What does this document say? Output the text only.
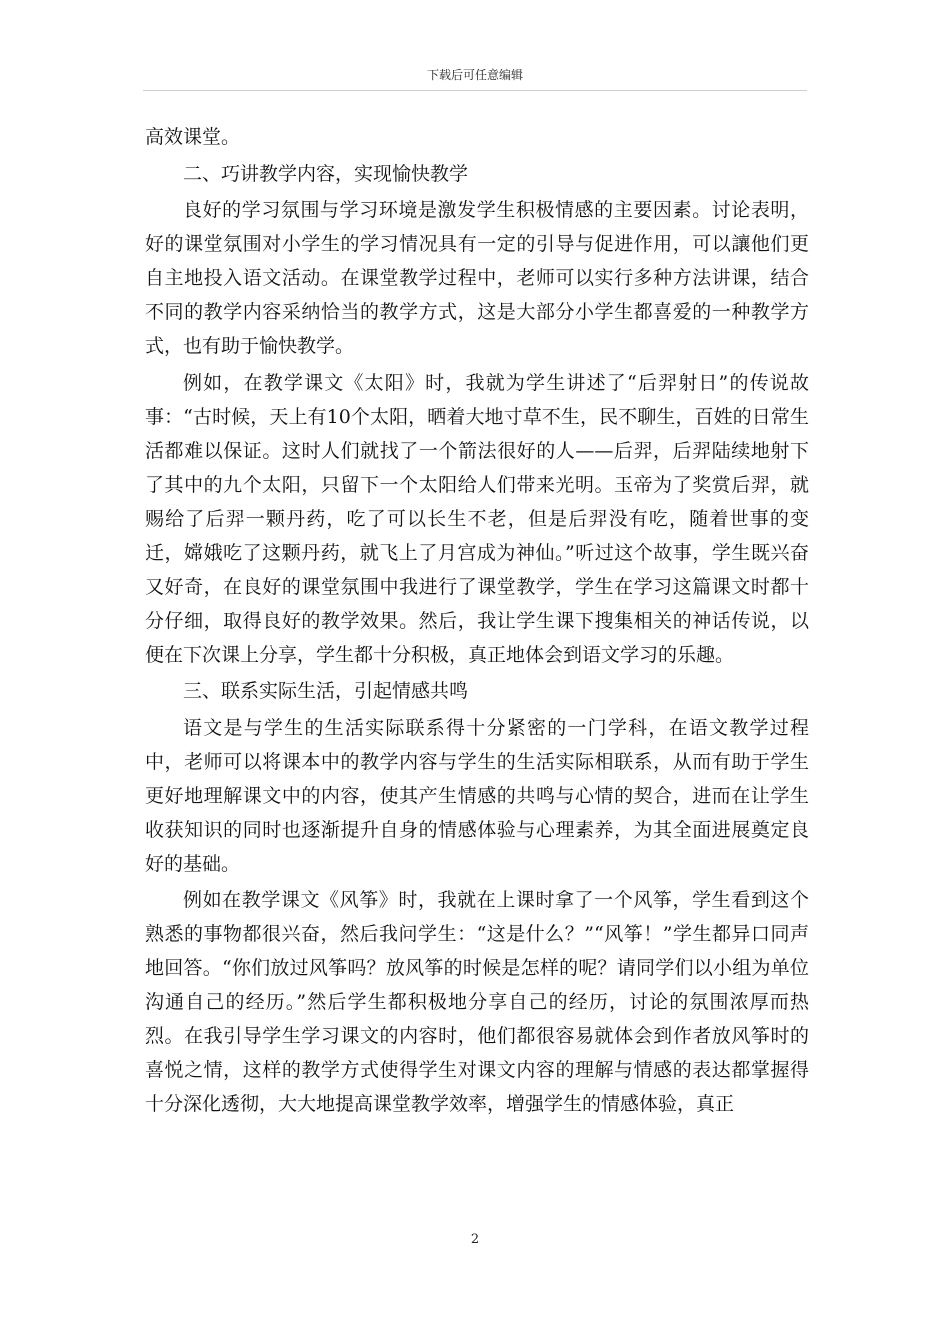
下载后可任意编辑

高效课堂。

二、巧讲教学内容，实现愉快教学

良好的学习氛围与学习环境是激发学生积极情感的主要因素。讨论表明，好的课堂氛围对小学生的学习情况具有一定的引导与促进作用，可以讓他们更自主地投入语文活动。在课堂教学过程中，老师可以实行多种方法讲课，结合不同的教学内容采纳恰当的教学方式，这是大部分小学生都喜爱的一种教学方式，也有助于愉快教学。

例如，在教学课文《太阳》时，我就为学生讲述了“后羿射日”的传说故事：“古时候，天上有10个太阳，晒着大地寸草不生，民不聊生，百姓的日常生活都难以保证。这时人们就找了一个箭法很好的人——后羿，后羿陆续地射下了其中的九个太阳，只留下一个太阳给人们带来光明。玉帝为了奖赏后羿，就赐给了后羿一颗丹药，吃了可以长生不老，但是后羿没有吃，随着世事的变迁，嫦娥吃了这颗丹药，就飞上了月宫成为神仙。”听过这个故事，学生既兴奋又好奇，在良好的课堂氛围中我进行了课堂教学，学生在学习这篇课文时都十分仔细，取得良好的教学效果。然后，我让学生课下搜集相关的神话传说，以便在下次课上分享，学生都十分积极，真正地体会到语文学习的乐趣。

三、联系实际生活，引起情感共鸣

语文是与学生的生活实际联系得十分紧密的一门学科，在语文教学过程中，老师可以将课本中的教学内容与学生的生活实际相联系，从而有助于学生更好地理解课文中的内容，使其产生情感的共鸣与心情的契合，进而在让学生收获知识的同时也逐渐提升自身的情感体验与心理素养，为其全面进展奠定良好的基础。

例如在教学课文《风筝》时，我就在上课时拿了一个风筝，学生看到这个熟悉的事物都很兴奋，然后我问学生：“这是什么？”“风筝！”学生都异口同声地回答。“你们放过风筝吗？放风筝的时候是怎样的呢？请同学们以小组为单位沟通自己的经历。”然后学生都积极地分享自己的经历，讨论的氛围浓厚而热烈。在我引导学生学习课文的内容时，他们都很容易就体会到作者放风筝时的喜悦之情，这样的教学方式使得学生对课文内容的理解与情感的表达都掌握得十分深化透彻，大大地提高课堂教学效率，增强学生的情感体验，真正

2
